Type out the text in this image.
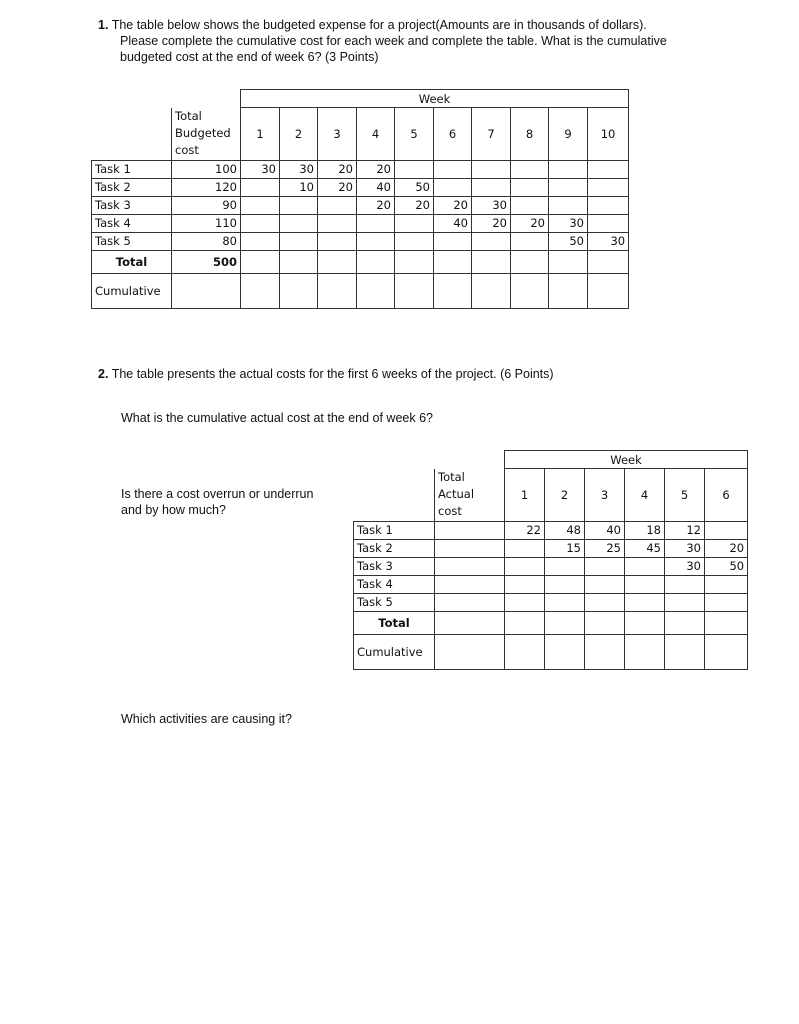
1. The table below shows the budgeted expense for a project(Amounts are in thousands of dollars).
Please complete the cumulative cost for each week and complete the table. What is the cumulative
budgeted cost at the end of week 6? (3 Points)
		Week									

	Total
Budgeted
cost	1	2	3	4	5	6	7	8	9	10
Task 1	100	30	30	20	20						
Task 2	120		10	20	40	50					
Task 3	90				20	20	20	30			
Task 4	110						40	20	20	30	
Task 5	80									50	30
Total	500										
Cumulative											
2. The table presents the actual costs for the first 6 weeks of the project. (6 Points)
What is the cumulative actual cost at the end of week 6?
Is there a cost overrun or underrun
and by how much?
Which activities are causing it?
		Week					

	Total
Actual
cost	1	2	3	4	5	6
Task 1		22	48	40	18	12	
Task 2			15	25	45	30	20
Task 3						30	50
Task 4							
Task 5							
Total							
Cumulative							
